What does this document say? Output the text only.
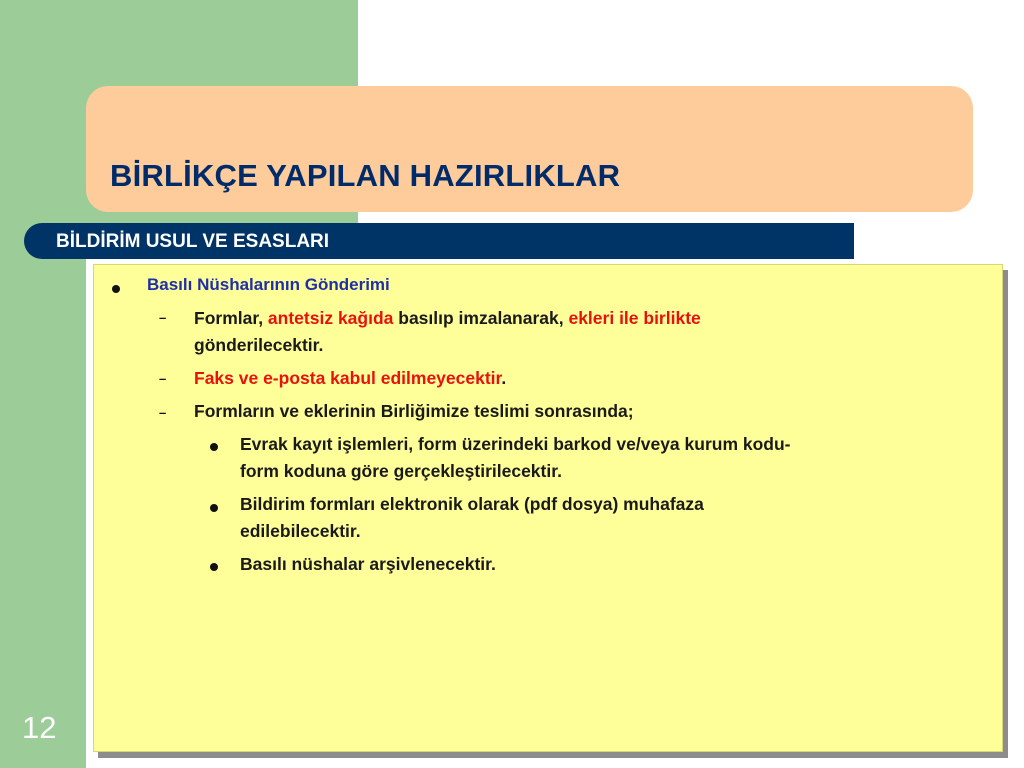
BİRLİKÇE YAPILAN HAZIRLIKLAR
BİLDİRİM USUL VE ESASLARI
Basılı Nüshalarının Gönderimi
– Formlar, antetsiz kağıda basılıp imzalanarak, ekleri ile birlikte
gönderilecektir.
– Faks ve e-posta kabul edilmeyecektir.
– Formların ve eklerinin Birliğimize teslimi sonrasında;
Evrak kayıt işlemleri, form üzerindeki barkod ve/veya kurum kodu-
form koduna göre gerçekleştirilecektir.
Bildirim formları elektronik olarak (pdf dosya) muhafaza
edilebilecektir.
Basılı nüshalar arşivlenecektir.
12
